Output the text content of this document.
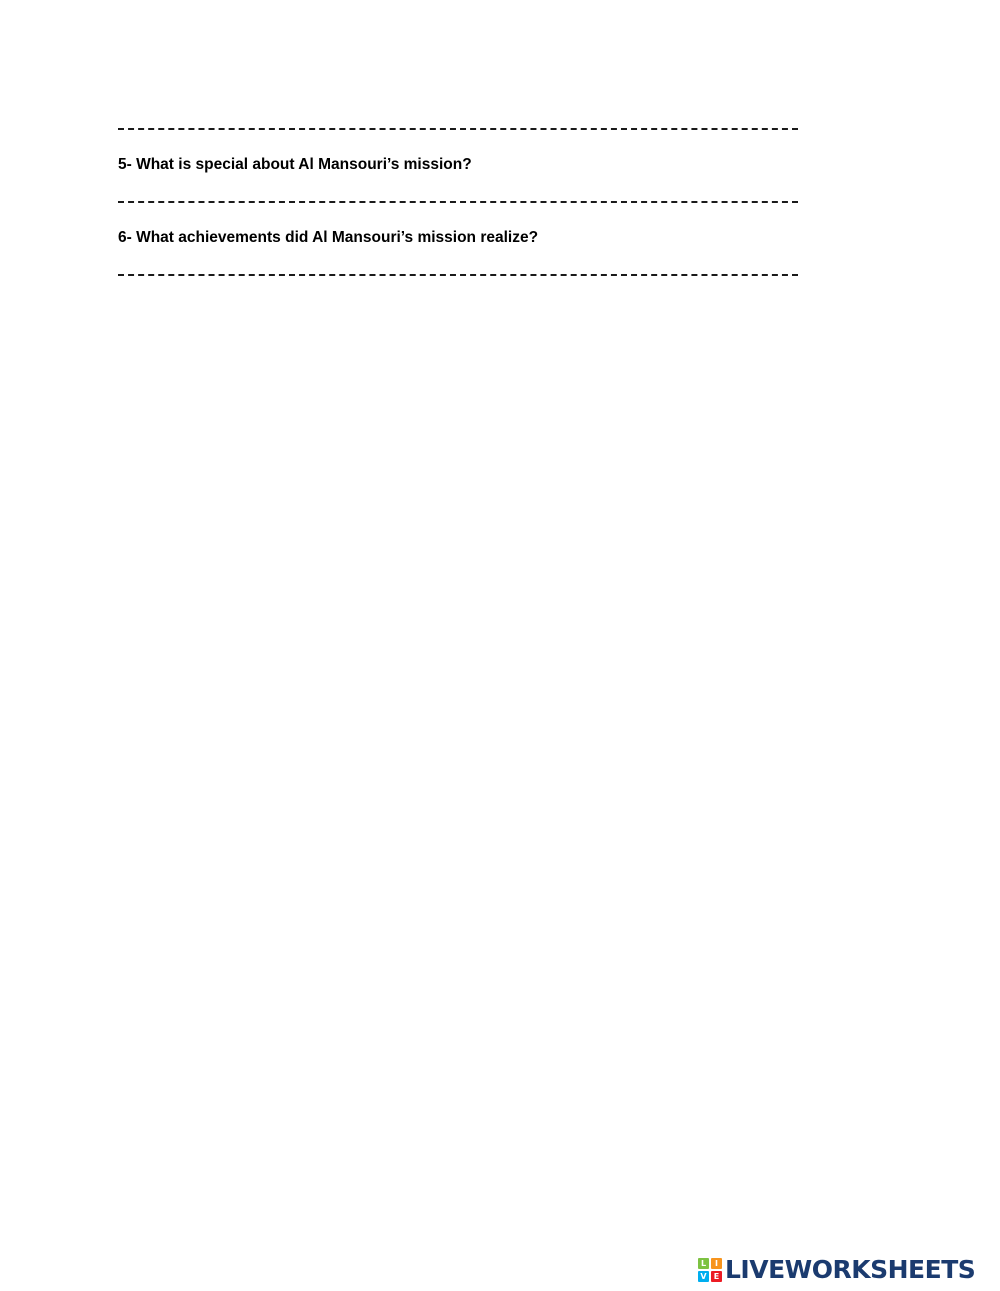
5- What is special about Al Mansouri’s mission?
6- What achievements did Al Mansouri’s mission realize?
L	I
V E LIVEWORKSHEETS
